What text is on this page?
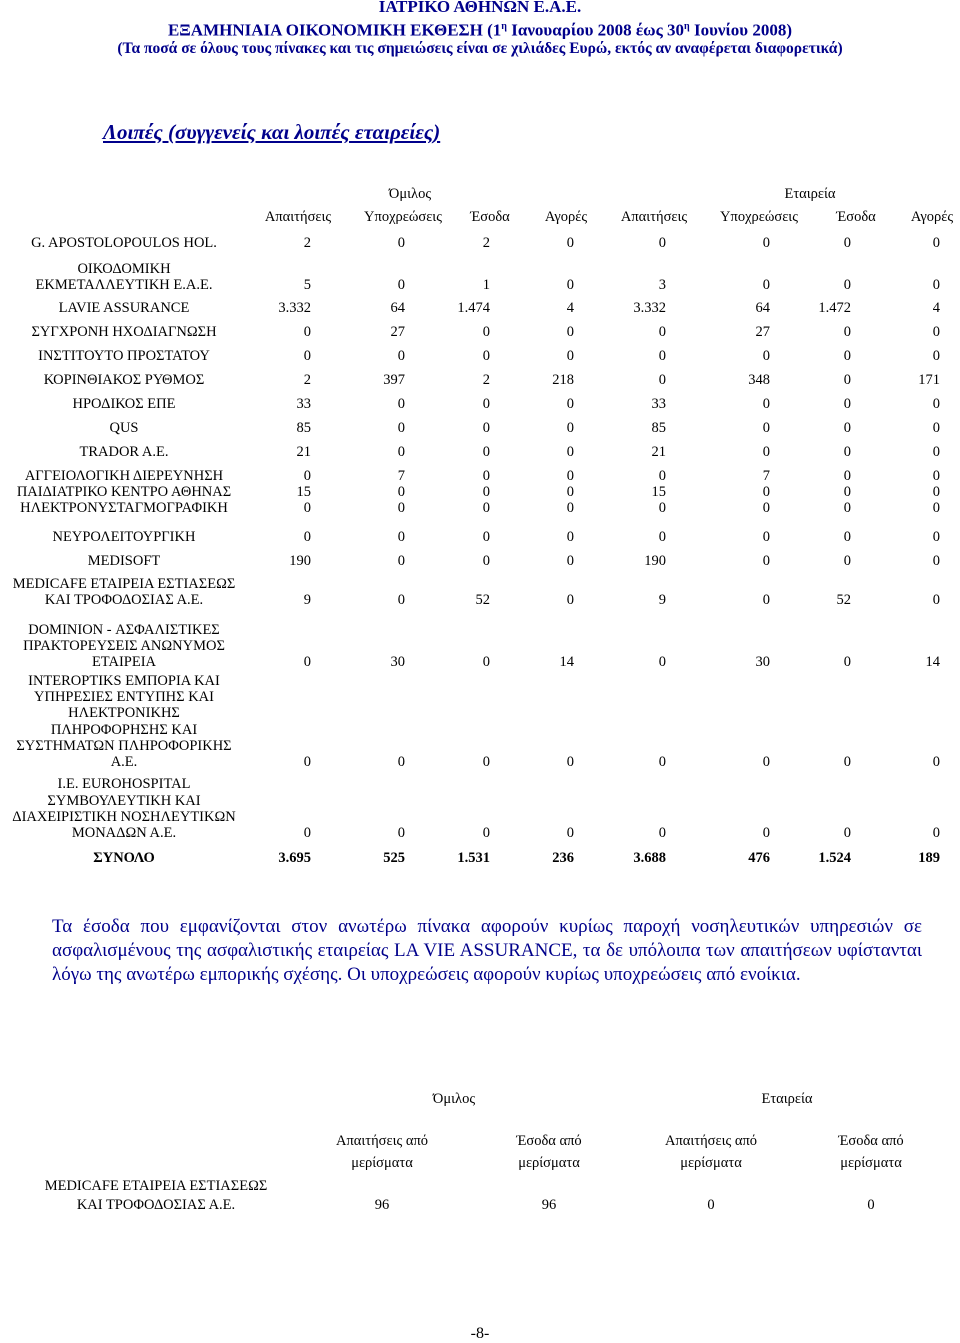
ΙΑΤΡΙΚΟ ΑΘΗΝΩΝ Ε.Α.Ε.
ΕΞΑΜΗΝΙΑΙΑ ΟΙΚΟΝΟΜΙΚΗ ΕΚΘΕΣΗ ($1^\eta$ Ιανουαρίου 2008 έως $30^\eta$ Ιουνίου 2008)
(Τα ποσά σε όλους τους πίνακες και τις σημειώσεις είναι σε χιλιάδες Ευρώ, εκτός αν αναφέρεται διαφορετικά)
Λοιπές (συγγενείς και λοιπές εταιρείες)
Όμιλος	Εταιρεία
Απαιτήσεις	Υποχρεώσεις	Έσοδα	Αγορές	Απαιτήσεις	Υποχρεώσεις	Έσοδα	Αγορές
G. APOSTOLOPOULOS HOL.	2	0	2	0	0	0	0	0
ΟΙΚΟΔΟΜΙΚΗ
ΕΚΜΕΤΑΛΛΕΥΤΙΚΗ Ε.Α.Ε.	5	0	1	0	3	0	0	0
LAVIE ASSURANCE	3.332	64	1.474	4	3.332	64	1.472	4
ΣΥΓΧΡΟΝΗ ΗΧΟΔΙΑΓΝΩΣΗ	0	27	0	0	0	27	0	0
ΙΝΣΤΙΤΟΥΤΟ ΠΡΟΣΤΑΤΟΥ	0	0	0	0	0	0	0	0
ΚΟΡΙΝΘΙΑΚΟΣ ΡΥΘΜΟΣ	2	397	2	218	0	348	0	171
ΗΡΟΔΙΚΟΣ ΕΠΕ	33	0	0	0	33	0	0	0
QUS	85	0	0	0	85	0	0	0
TRADOR A.E.	21	0	0	0	21	0	0	0
ΑΓΓΕΙΟΛΟΓΙΚΗ ΔΙΕΡΕΥΝΗΣΗ	0	7	0	0	0	7	0	0
ΠΑΙΔΙΑΤΡΙΚΟ ΚΕΝΤΡΟ ΑΘΗΝΑΣ	15	0	0	0	15	0	0	0
ΗΛΕΚΤΡΟΝΥΣΤΑΓΜΟΓΡΑΦΙΚΗ	0	0	0	0	0	0	0	0
ΝΕΥΡΟΛΕΙΤΟΥΡΓΙΚΗ	0	0	0	0	0	0	0	0
MEDISOFT	190	0	0	0	190	0	0	0
MEDICAFE ΕΤΑΙΡΕΙΑ ΕΣΤΙΑΣΕΩΣ
ΚΑΙ ΤΡΟΦΟΔΟΣΙΑΣ Α.Ε.	9	0	52	0	9	0	52	0
DOMINION - ΑΣΦΑΛΙΣΤΙΚΕΣ
ΠΡΑΚΤΟΡΕΥΣΕΙΣ ΑΝΩΝΥΜΟΣ
ΕΤΑΙΡΕΙΑ	0	30	0	14	0	30	0	14
INTEROPTIKS ΕΜΠΟΡΙΑ ΚΑΙ
ΥΠΗΡΕΣΙΕΣ ΕΝΤΥΠΗΣ ΚΑΙ
ΗΛΕΚΤΡΟΝΙΚΗΣ
ΠΛΗΡΟΦΟΡΗΣΗΣ ΚΑΙ
ΣΥΣΤΗΜΑΤΩΝ ΠΛΗΡΟΦΟΡΙΚΗΣ
Α.Ε.	0	0	0	0	0	0	0	0
I.E. EUROHOSPITAL
ΣΥΜΒΟΥΛΕΥΤΙΚΗ ΚΑΙ
ΔΙΑΧΕΙΡΙΣΤΙΚΗ ΝΟΣΗΛΕΥΤΙΚΩΝ
ΜΟΝΑΔΩΝ Α.Ε.	0	0	0	0	0	0	0	0
ΣΥΝΟΛΟ	3.695	525	1.531	236	3.688	476	1.524	189
Τα έσοδα που εμφανίζονται στον ανωτέρω πίνακα αφορούν κυρίως παροχή νοσηλευτικών υπηρεσιών σε ασφαλισμένους της ασφαλιστικής εταιρείας LA VIE ASSURANCE, τα δε υπόλοιπα των απαιτήσεων υφίστανται λόγω της ανωτέρω εμπορικής σχέσης. Οι υποχρεώσεις αφορούν κυρίως υποχρεώσεις από ενοίκια.
Όμιλος	Εταιρεία
Απαιτήσεις από
μερίσματα
Έσοδα από
μερίσματα
Απαιτήσεις από
μερίσματα
Έσοδα από
μερίσματα
MEDICAFE ΕΤΑΙΡΕΙΑ ΕΣΤΙΑΣΕΩΣ
ΚΑΙ ΤΡΟΦΟΔΟΣΙΑΣ Α.Ε.	96	96	0	0
-8-
